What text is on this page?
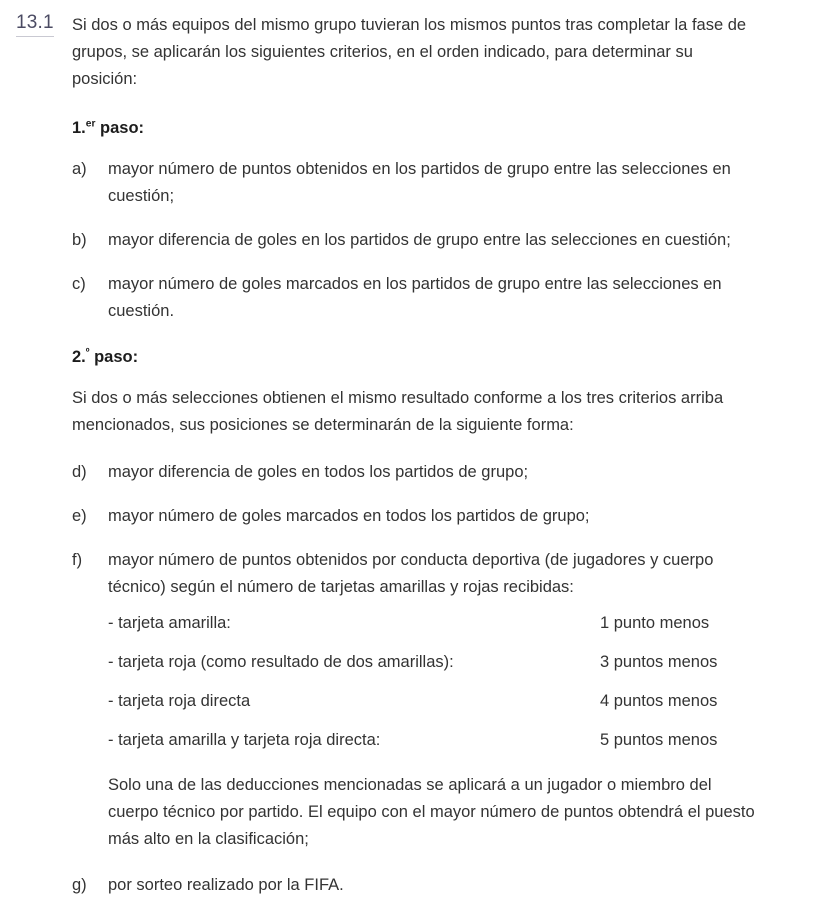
13.1	Si dos o más equipos del mismo grupo tuvieran los mismos puntos tras completar la fase de grupos, se aplicarán los siguientes criterios, en el orden indicado, para determinar su posición:

1.$^{er}$ paso:
a)	mayor número de puntos obtenidos en los partidos de grupo entre las selecciones en cuestión;
b)	mayor diferencia de goles en los partidos de grupo entre las selecciones en cuestión;
c)	mayor número de goles marcados en los partidos de grupo entre las selecciones en cuestión.
2.$^º$ paso:

Si dos o más selecciones obtienen el mismo resultado conforme a los tres criterios arriba mencionados, sus posiciones se determinarán de la siguiente forma:

d)	mayor diferencia de goles en todos los partidos de grupo;
e)	mayor número de goles marcados en todos los partidos de grupo;
f)	mayor número de puntos obtenidos por conducta deportiva (de jugadores y cuerpo técnico) según el número de tarjetas amarillas y rojas recibidas:
- tarjeta amarilla:	1 punto menos
- tarjeta roja (como resultado de dos amarillas):	3 puntos menos
- tarjeta roja directa	4 puntos menos
- tarjeta amarilla y tarjeta roja directa:	5 puntos menos

Solo una de las deducciones mencionadas se aplicará a un jugador o miembro del cuerpo técnico por partido. El equipo con el mayor número de puntos obtendrá el puesto más alto en la clasificación;

g)	por sorteo realizado por la FIFA.
